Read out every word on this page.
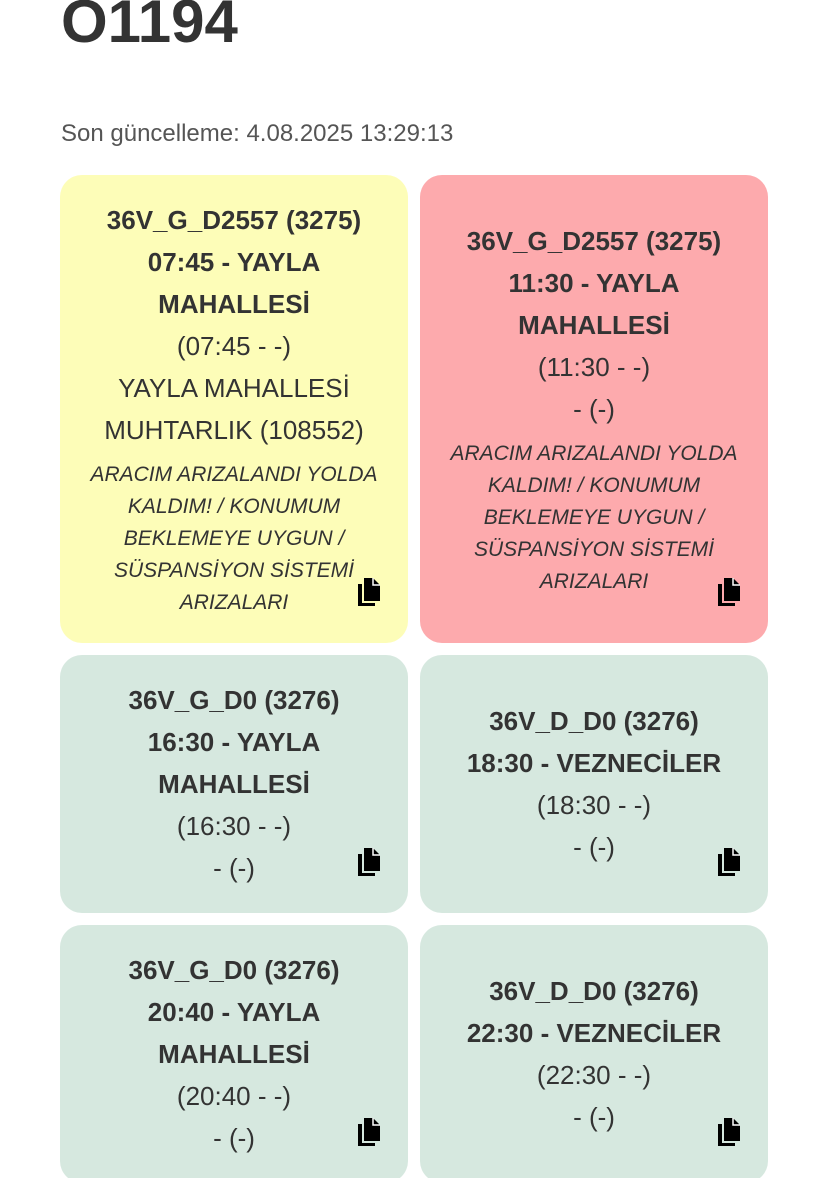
O1194
Son güncelleme: 4.08.2025 13:29:13
36V_G_D2557 (3275)
07:45 - YAYLA
MAHALLESİ
(07:45 - -)
YAYLA MAHALLESİ
MUHTARLIK (108552)
ARACIM ARIZALANDI YOLDA KALDIM! / KONUMUM BEKLEMEYE UYGUN / SÜSPANSİYON SİSTEMİ ARIZALARI
36V_G_D2557 (3275)
11:30 - YAYLA
MAHALLESİ
(11:30 - -)
- (-)
ARACIM ARIZALANDI YOLDA KALDIM! / KONUMUM BEKLEMEYE UYGUN / SÜSPANSİYON SİSTEMİ ARIZALARI
36V_G_D0 (3276)
16:30 - YAYLA
MAHALLESİ
(16:30 - -)
- (-)
36V_D_D0 (3276)
18:30 - VEZNECİLER
(18:30 - -)
- (-)
36V_G_D0 (3276)
20:40 - YAYLA
MAHALLESİ
(20:40 - -)
- (-)
36V_D_D0 (3276)
22:30 - VEZNECİLER
(22:30 - -)
- (-)
